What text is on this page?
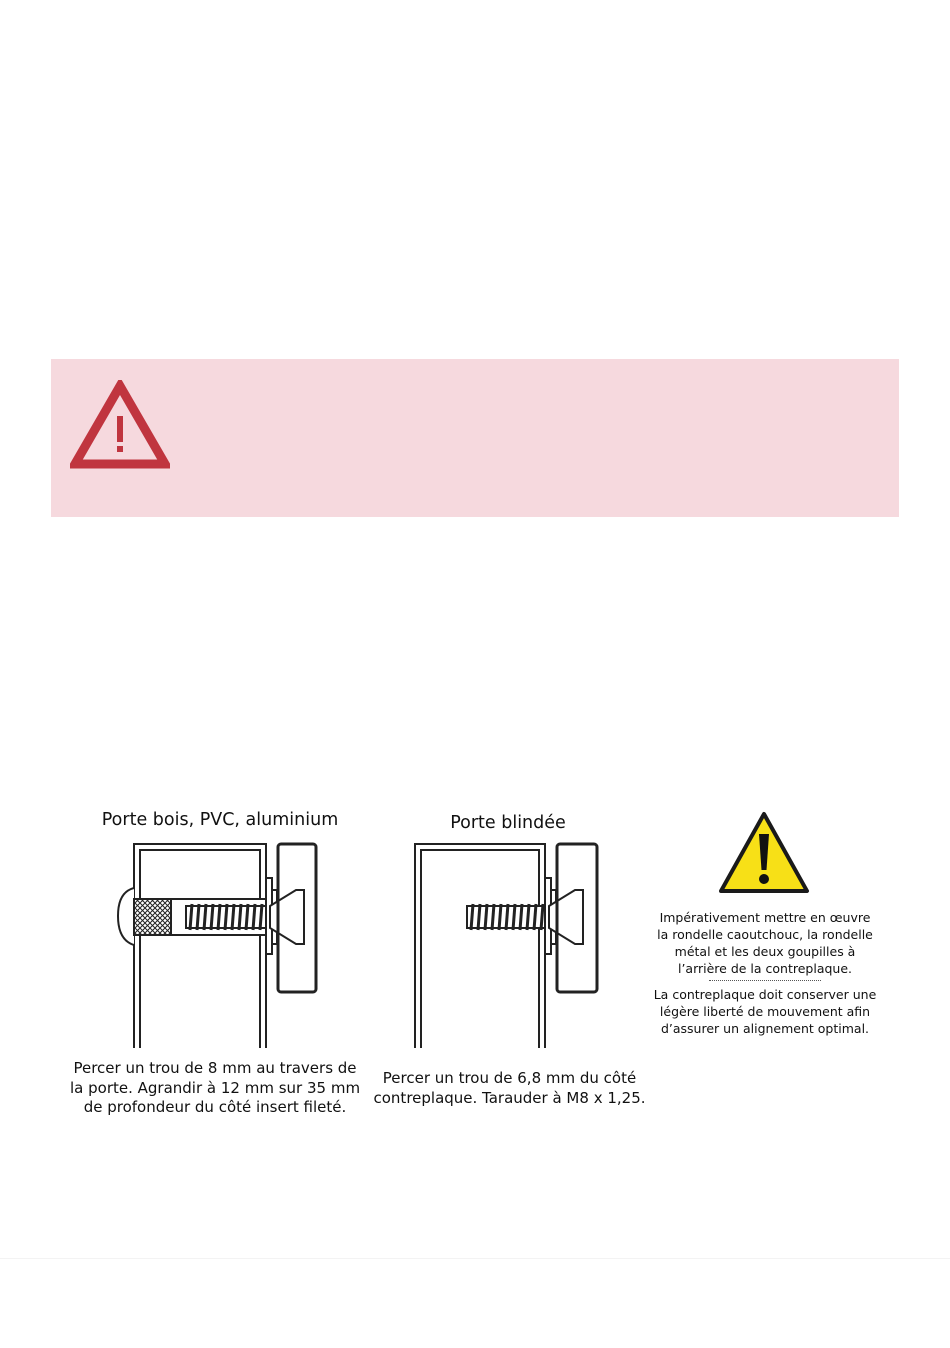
Porte bois, PVC, aluminium
Percer un trou de 8 mm au travers de
la porte. Agrandir à 12 mm sur 35 mm
de profondeur du côté insert fileté.
Porte blindée
Percer un trou de 6,8 mm du côté
contreplaque. Tarauder à M8 x 1,25.
Impérativement mettre en œuvre
la rondelle caoutchouc, la rondelle
métal et les deux goupilles à
l’arrière de la contreplaque.
La contreplaque doit conserver une
légère liberté de mouvement afin
d’assurer un alignement optimal.
